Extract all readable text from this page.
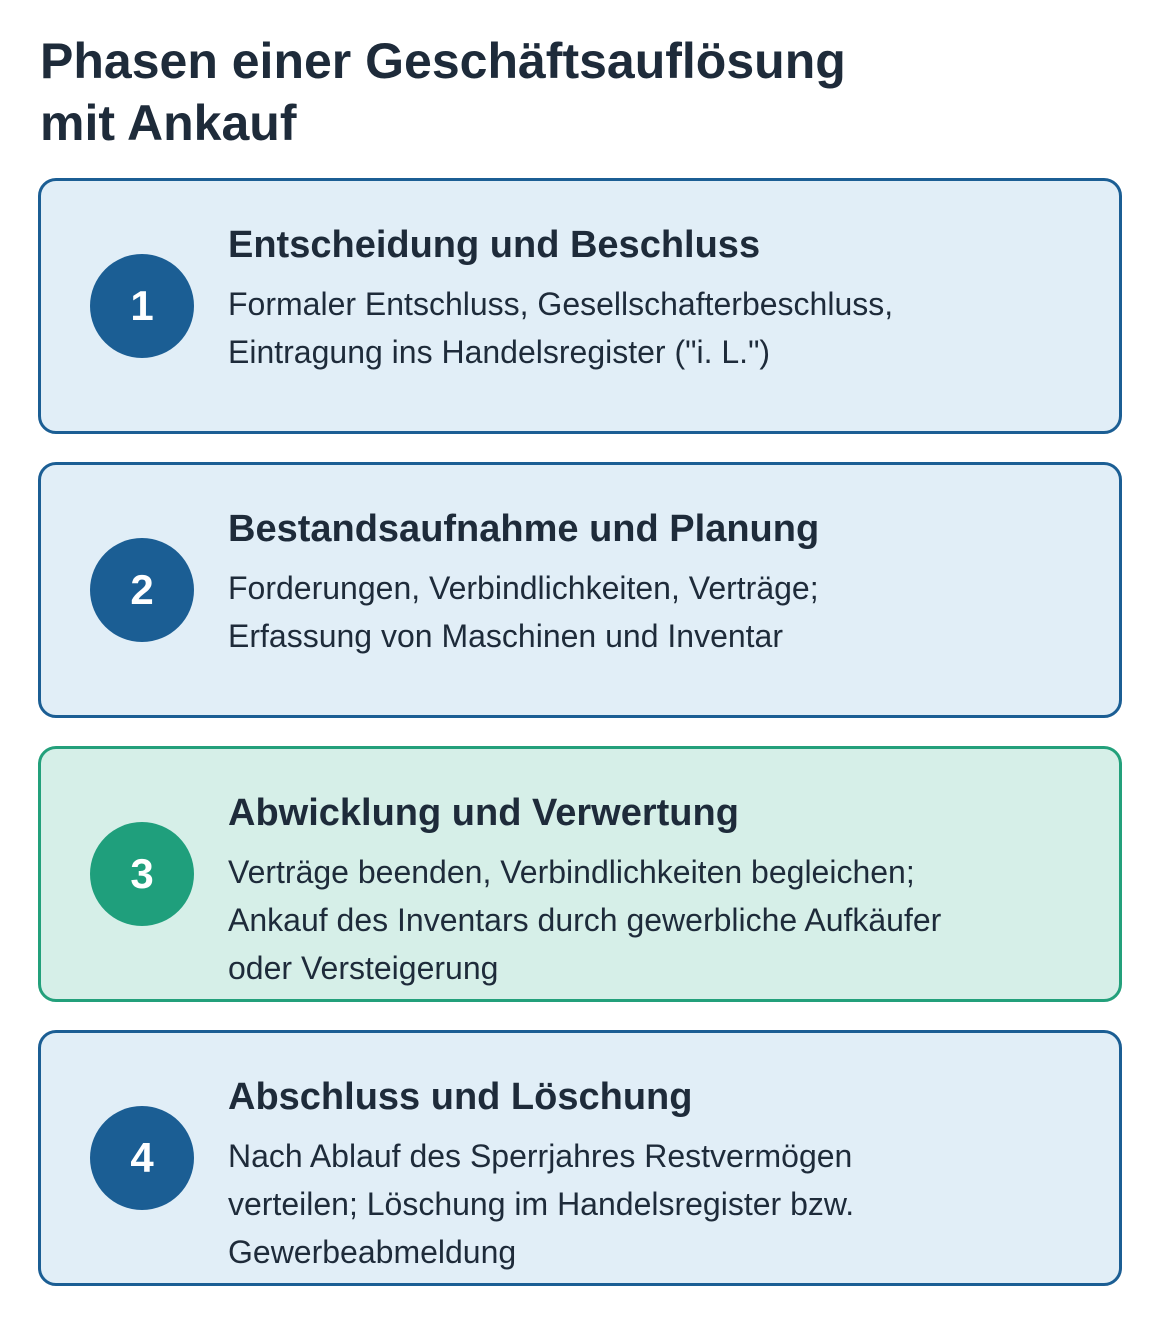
Phasen einer Geschäftsauflösung
mit Ankauf
1
Entscheidung und Beschluss

Formaler Entschluss, Gesellschafterbeschluss, Eintragung ins Handelsregister ("i. L.")

2
Bestandsaufnahme und Planung

Forderungen, Verbindlichkeiten, Verträge; Erfassung von Maschinen und Inventar

3
Abwicklung und Verwertung

Verträge beenden, Verbindlichkeiten begleichen; Ankauf des Inventars durch gewerbliche Aufkäufer oder Versteigerung

4
Abschluss und Löschung

Nach Ablauf des Sperrjahres Restvermögen verteilen; Löschung im Handelsregister bzw. Gewerbeabmeldung
